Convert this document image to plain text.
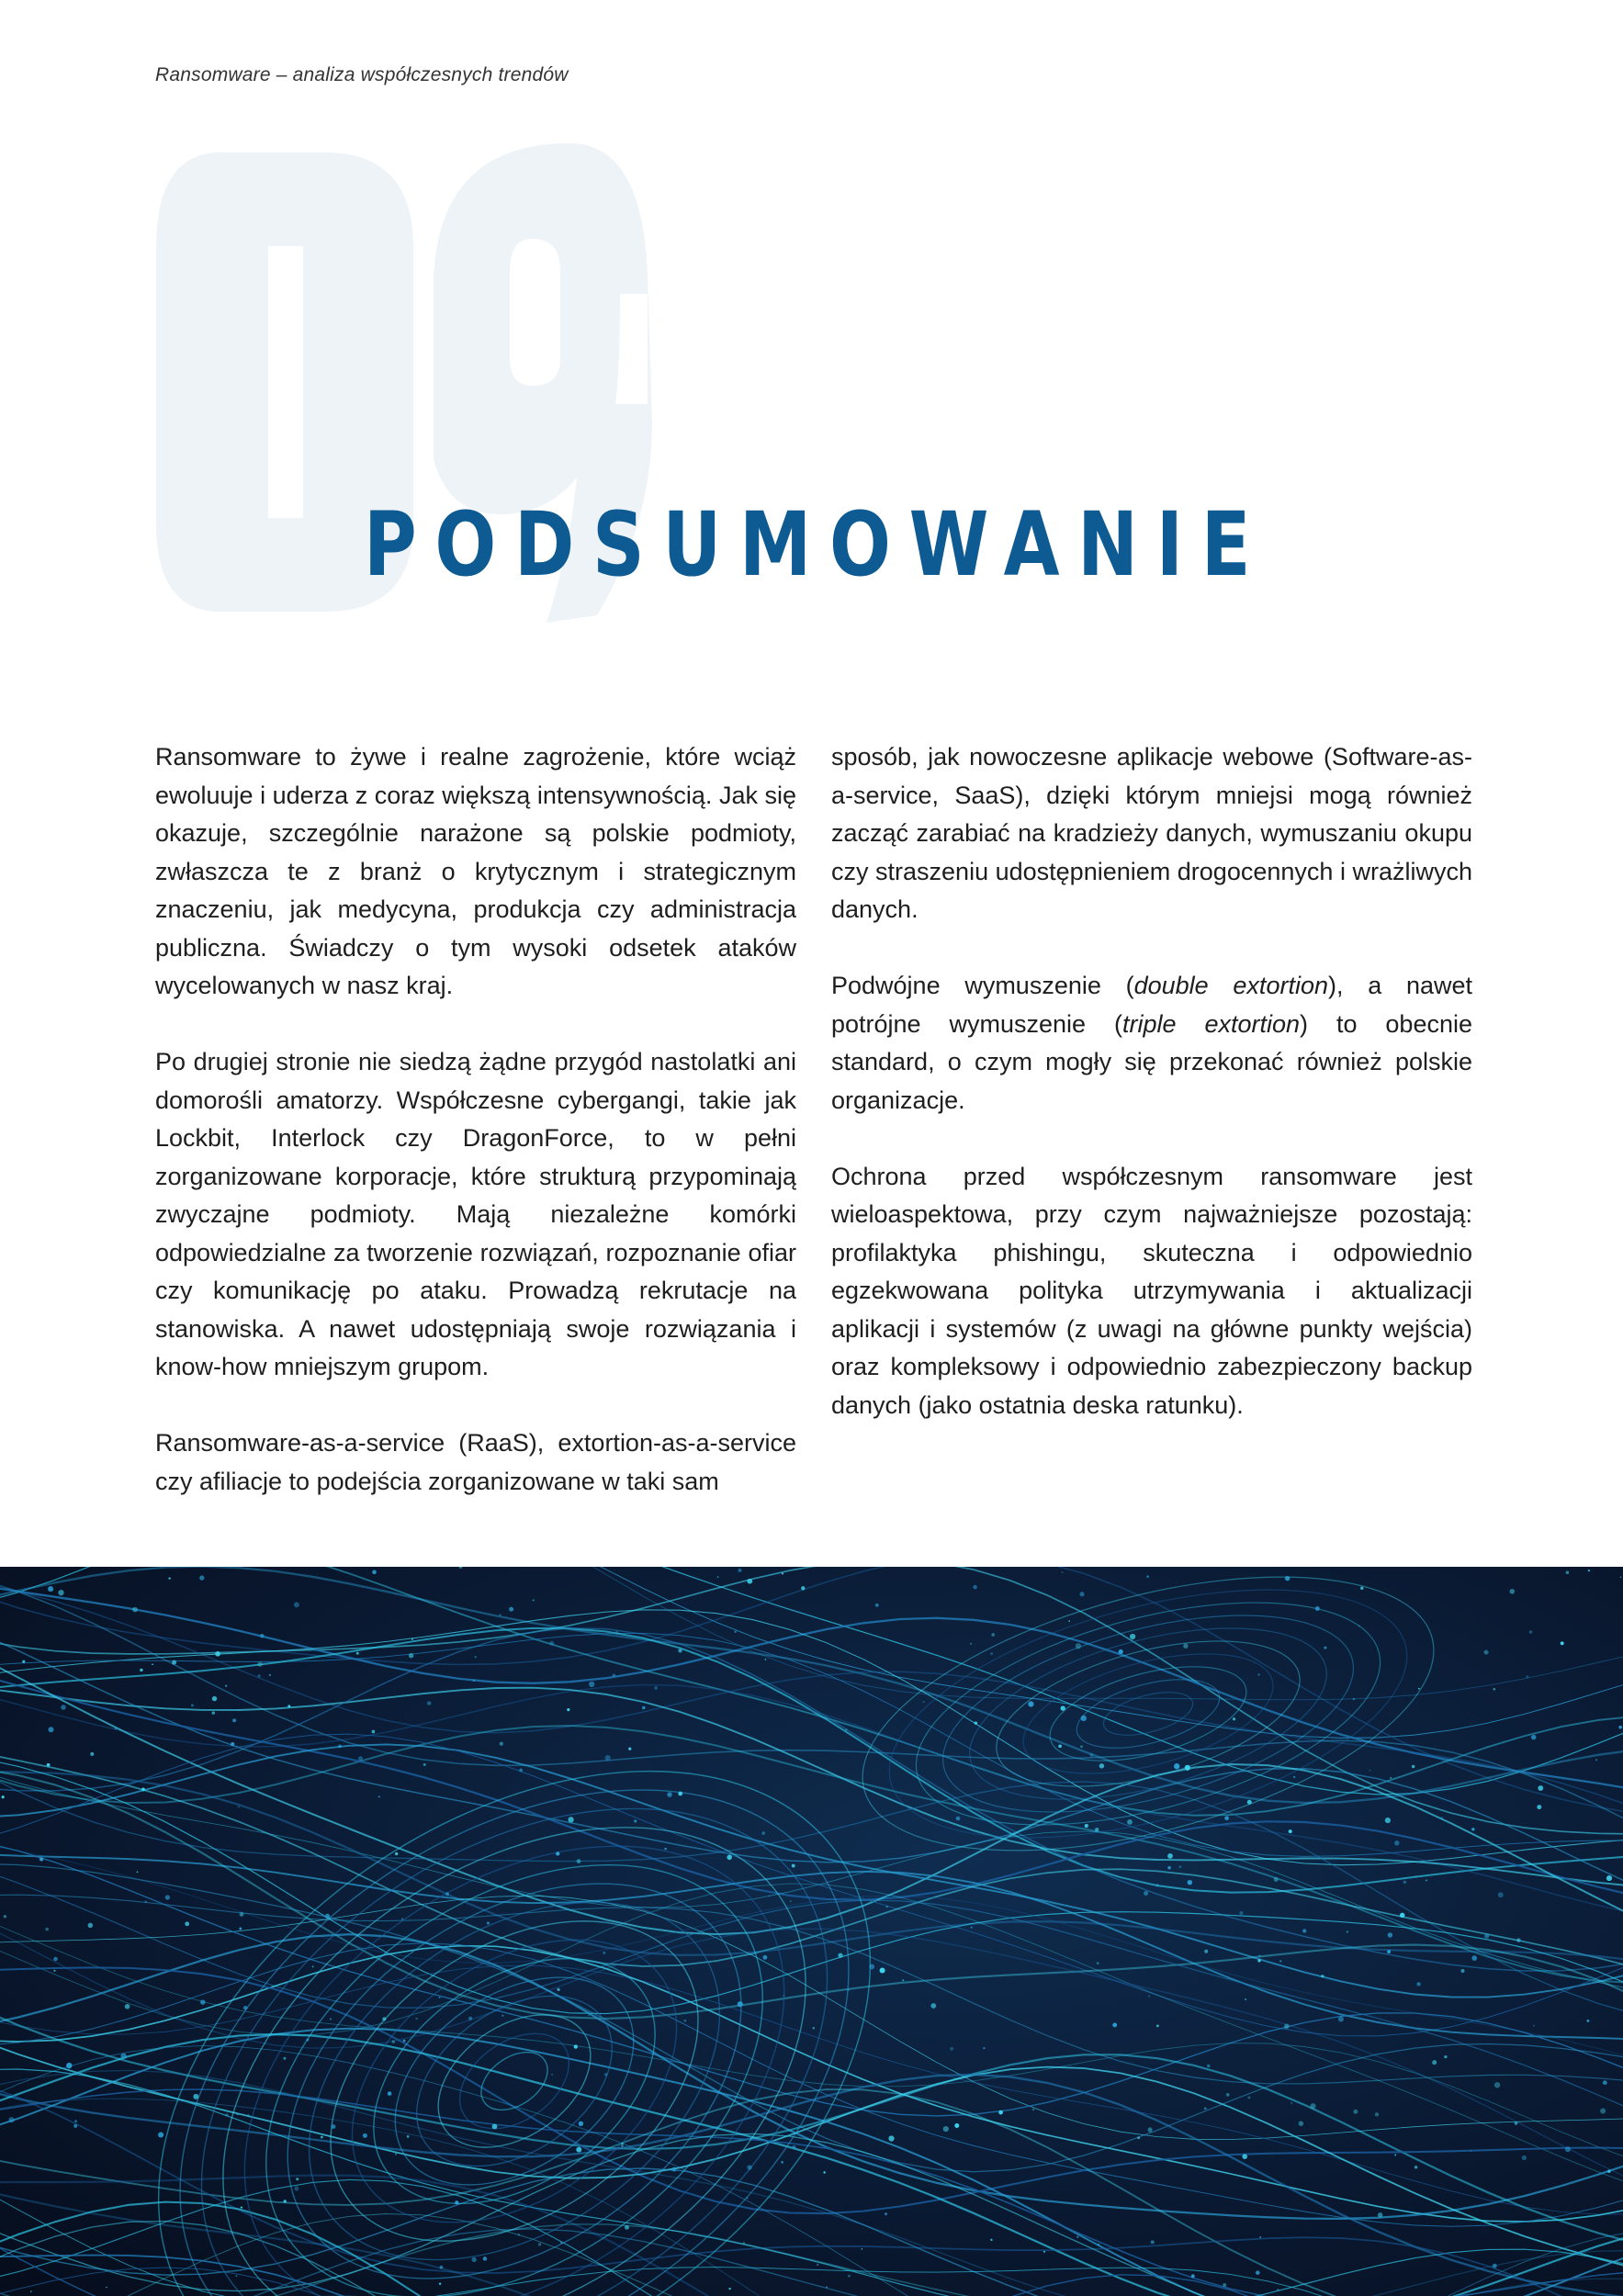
Ransomware – analiza współczesnych trendów
PODSUMOWANIE

Ransomware to żywe i realne zagrożenie, które wciąż ewoluuje i uderza z coraz większą intensywnością. Jak się okazuje, szczególnie narażone są polskie podmioty, zwłaszcza te z branż o krytycznym i strategicznym znaczeniu, jak medycyna, produkcja czy administracja publiczna. Świadczy o tym wysoki odsetek ataków wycelowanych w nasz kraj.

Po drugiej stronie nie siedzą żądne przygód nastolatki ani domorośli amatorzy. Współczesne cybergangi, takie jak Lockbit, Interlock czy DragonForce, to w pełni zorganizowane korporacje, które strukturą przypominają zwyczajne podmioty. Mają niezależne komórki odpowiedzialne za tworzenie rozwiązań, rozpoznanie ofiar czy komunikację po ataku. Prowadzą rekrutacje na stanowiska. A nawet udostępniają swoje rozwiązania i know-how mniejszym grupom.

Ransomware-as-a-service (RaaS), extortion-as-a-service czy afiliacje to podejścia zorganizowane w taki sam

sposób, jak nowoczesne aplikacje webowe (Software-as-a-service, SaaS), dzięki którym mniejsi mogą również zacząć zarabiać na kradzieży danych, wymuszaniu okupu czy straszeniu udostępnieniem drogocennych i wrażliwych danych.

Podwójne wymuszenie (double extortion), a nawet potrójne wymuszenie (triple extortion) to obecnie standard, o czym mogły się przekonać również polskie organizacje.

Ochrona przed współczesnym ransomware jest wieloaspektowa, przy czym najważniejsze pozostają: profilaktyka phishingu, skuteczna i odpowiednio egzekwowana polityka utrzymywania i aktualizacji aplikacji i systemów (z uwagi na główne punkty wejścia) oraz kompleksowy i odpowiednio zabezpieczony backup danych (jako ostatnia deska ratunku).
